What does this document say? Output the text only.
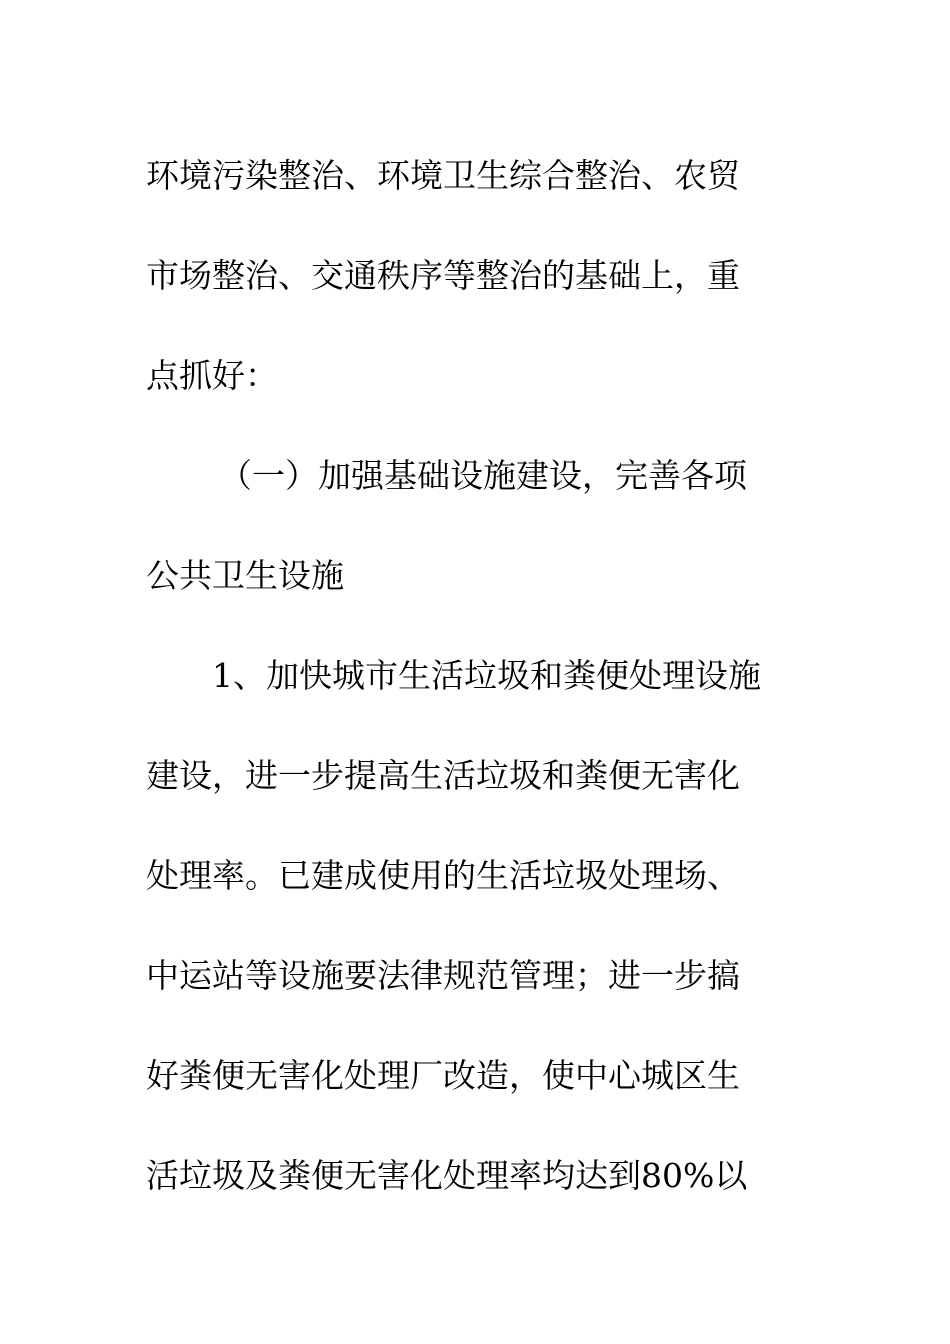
环境污染整治、环境卫生综合整治、农贸
市场整治、交通秩序等整治的基础上，重
点抓好：
（一）加强基础设施建设，完善各项
公共卫生设施
1、加快城市生活垃圾和粪便处理设施
建设，进一步提高生活垃圾和粪便无害化
处理率。已建成使用的生活垃圾处理场、
中运站等设施要法律规范管理；进一步搞
好粪便无害化处理厂改造，使中心城区生
活垃圾及粪便无害化处理率均达到80%以
